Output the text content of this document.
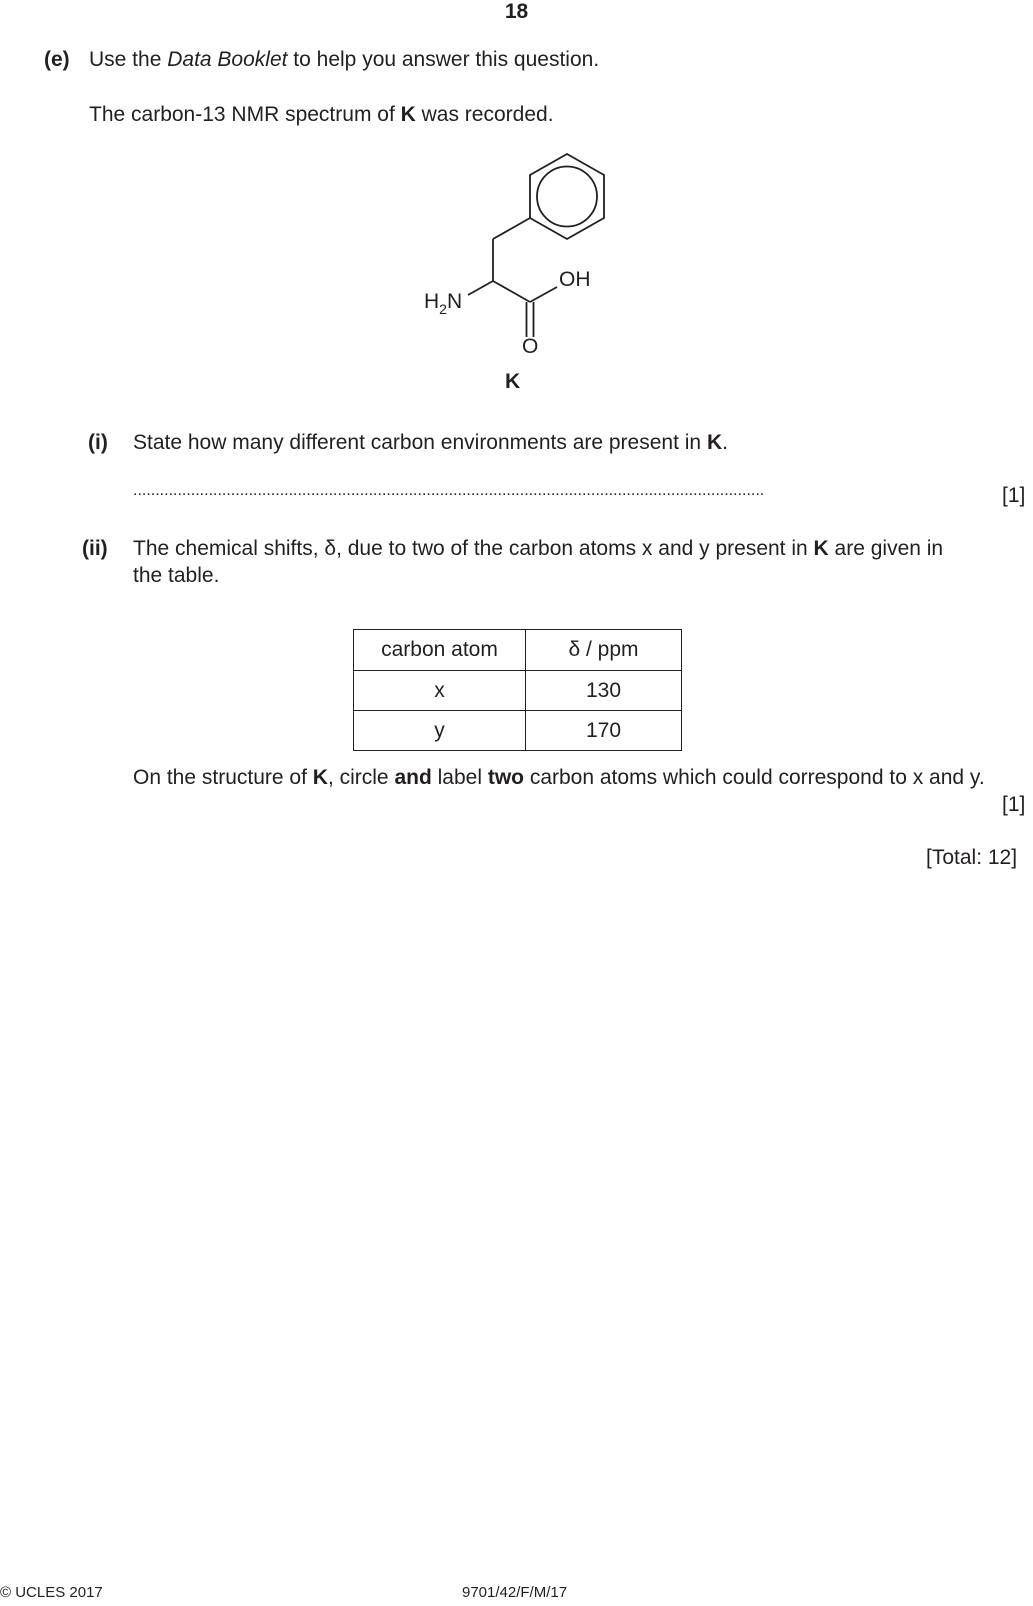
18
(e) Use the Data Booklet to help you answer this question.
The carbon-13 NMR spectrum of K was recorded.
OH
$H_2N$
O
K
(i) State how many different carbon environments are present in K.
..............................................................................................................................................	[1]
(ii) The chemical shifts, δ, due to two of the carbon atoms x and y present in K are given in
the table.
carbon atom	δ / ppm
x	130
y	170
On the structure of K, circle and label two carbon atoms which could correspond to x and y.
[1]
[Total: 12]
© UCLES 2017	9701/42/F/M/17
